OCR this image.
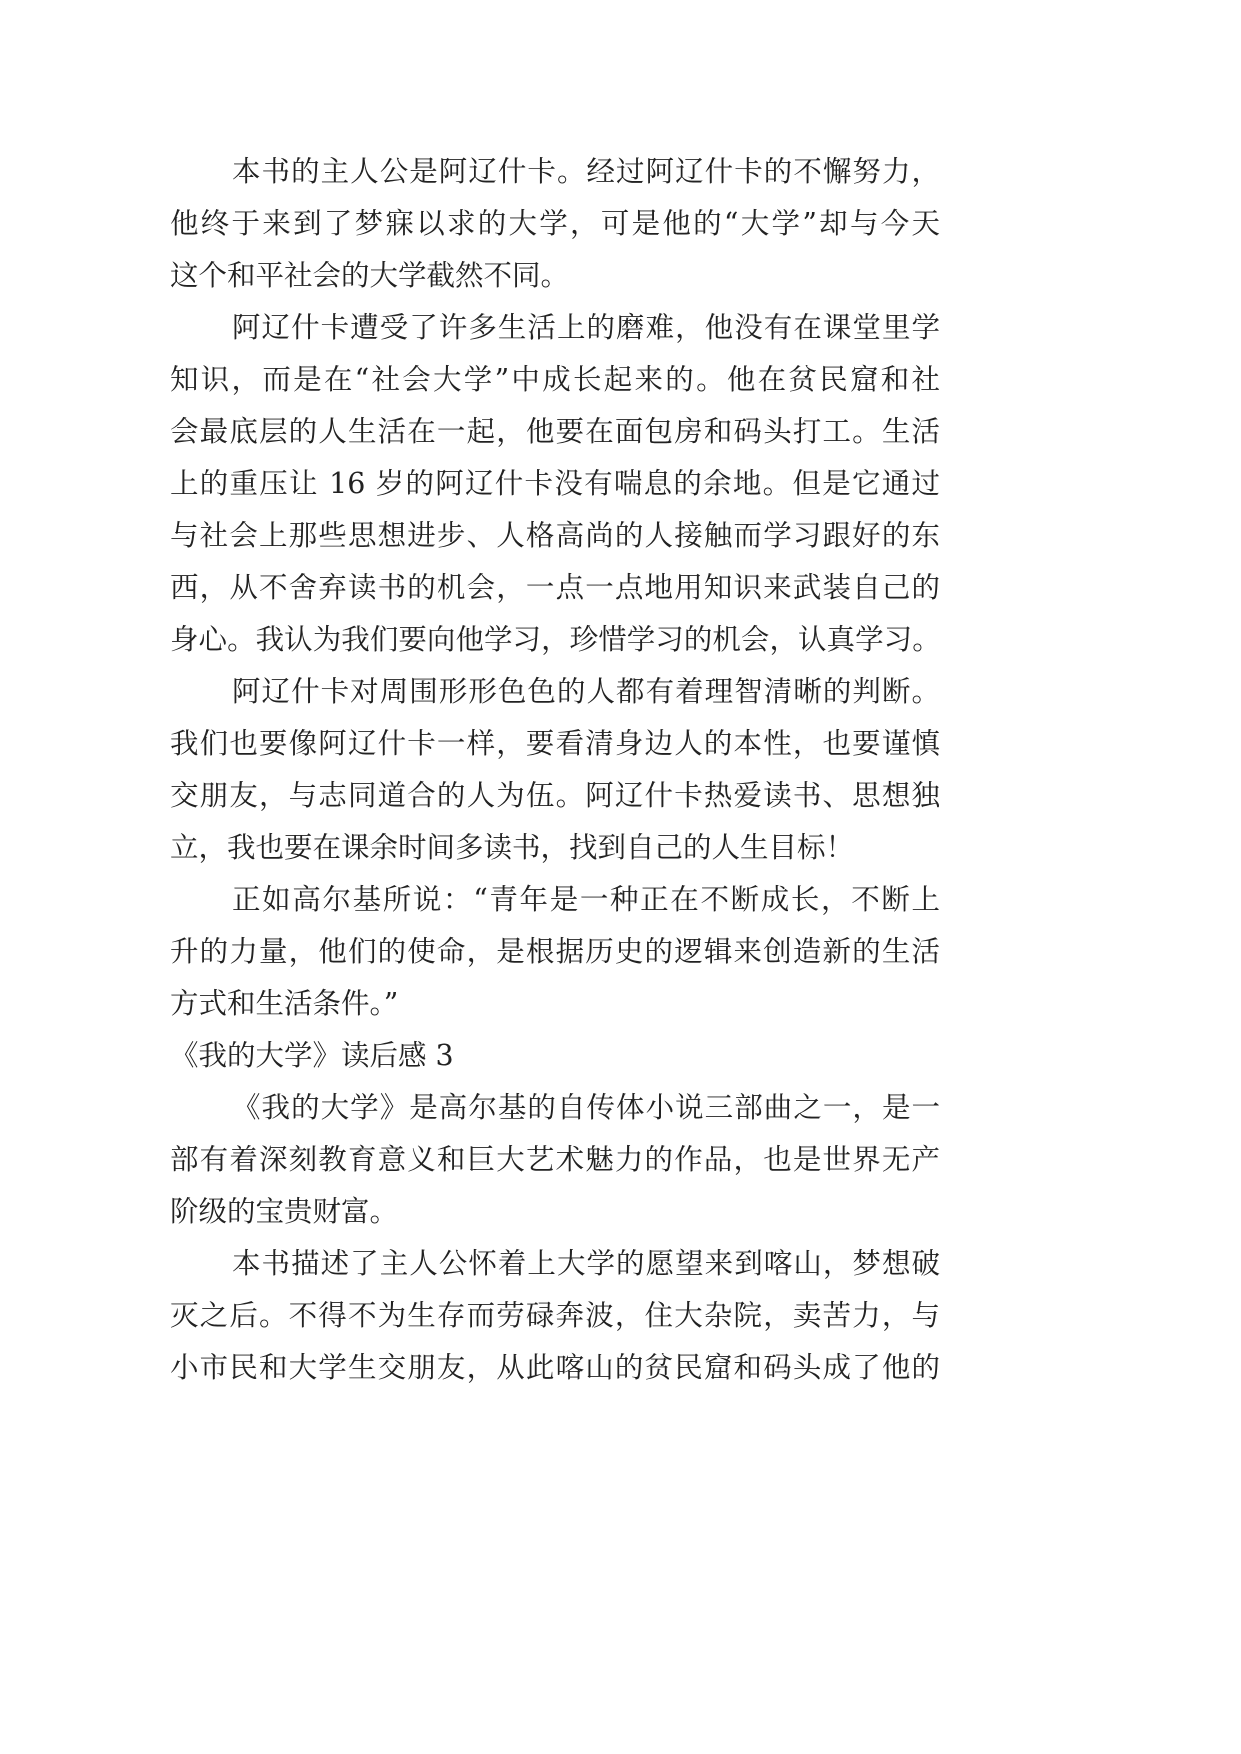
本书的主人公是阿辽什卡。经过阿辽什卡的不懈努力，
他终于来到了梦寐以求的大学，可是他的“大学”却与今天
这个和平社会的大学截然不同。
阿辽什卡遭受了许多生活上的磨难，他没有在课堂里学
知识，而是在“社会大学”中成长起来的。他在贫民窟和社
会最底层的人生活在一起，他要在面包房和码头打工。生活
上的重压让 16 岁的阿辽什卡没有喘息的余地。但是它通过
与社会上那些思想进步、人格高尚的人接触而学习跟好的东
西，从不舍弃读书的机会，一点一点地用知识来武装自己的
身心。我认为我们要向他学习，珍惜学习的机会，认真学习。
阿辽什卡对周围形形色色的人都有着理智清晰的判断。
我们也要像阿辽什卡一样，要看清身边人的本性，也要谨慎
交朋友，与志同道合的人为伍。阿辽什卡热爱读书、思想独
立，我也要在课余时间多读书，找到自己的人生目标！
正如高尔基所说：“青年是一种正在不断成长，不断上
升的力量，他们的使命，是根据历史的逻辑来创造新的生活
方式和生活条件。”
《我的大学》读后感 3
《我的大学》是高尔基的自传体小说三部曲之一，是一
部有着深刻教育意义和巨大艺术魅力的作品，也是世界无产
阶级的宝贵财富。
本书描述了主人公怀着上大学的愿望来到喀山，梦想破
灭之后。不得不为生存而劳碌奔波，住大杂院，卖苦力，与
小市民和大学生交朋友，从此喀山的贫民窟和码头成了他的
